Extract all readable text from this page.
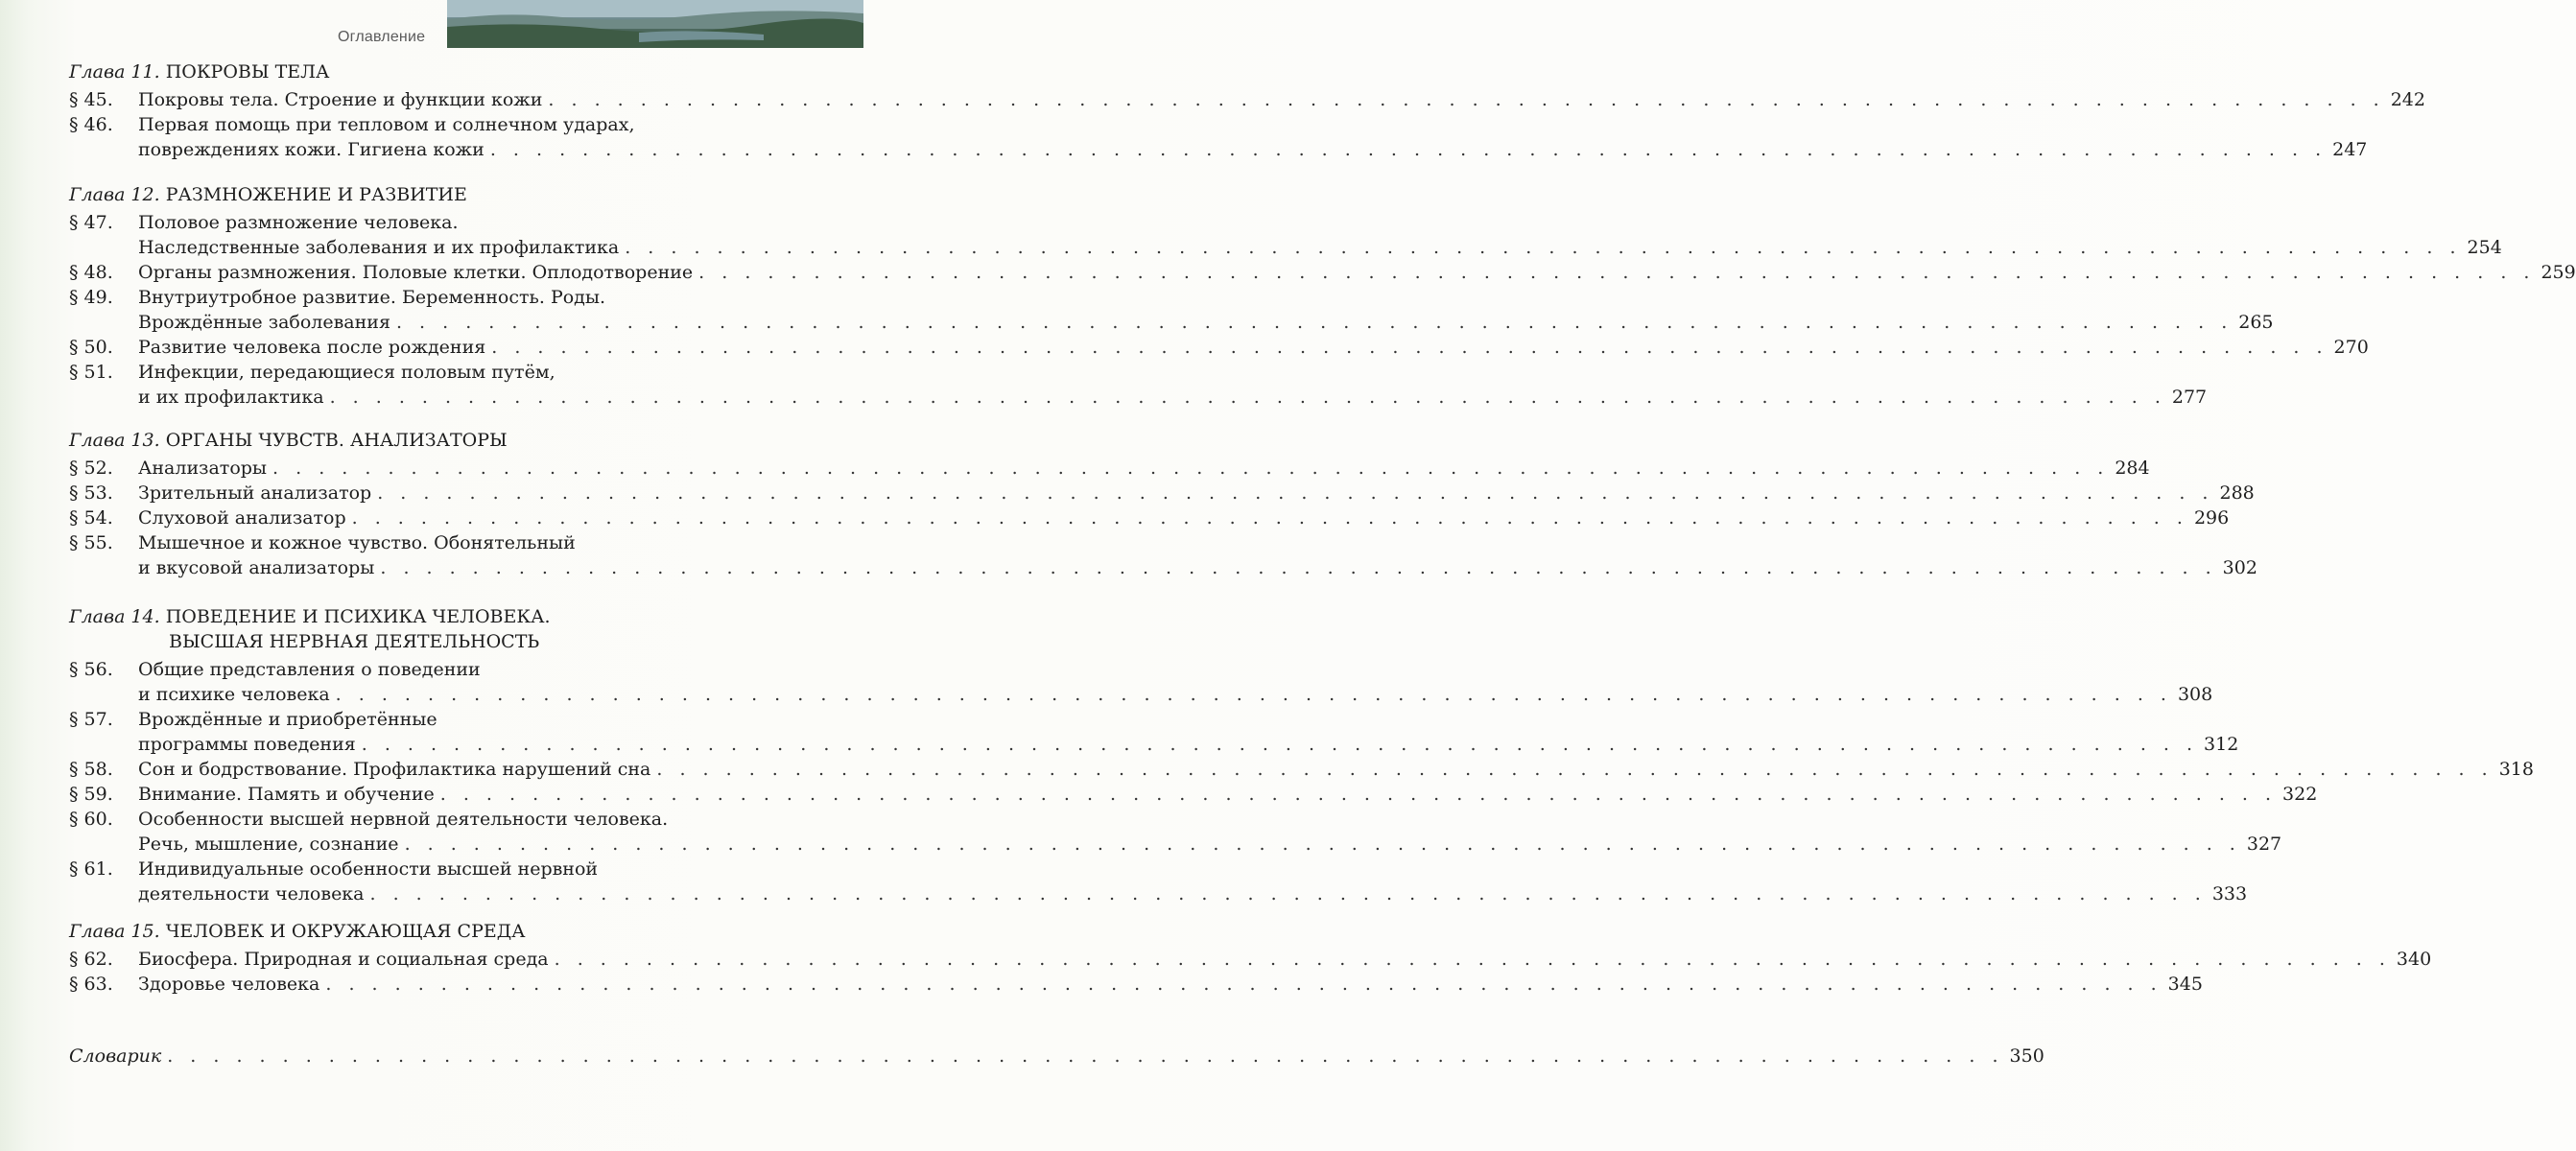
Оглавление
Глава 11. ПОКРОВЫ ТЕЛА
§ 45. Покровы тела. Строение и функции кожи . . . . . . . . . . . . . . . . . . . . . . . . . . . . . . . . . . . . . . . . . . . . . . . . . . . . . . . . . . . . . . . . . . . . . . . . . . . . . . . . 242
§ 46. Первая помощь при тепловом и солнечном ударах,
повреждениях кожи. Гигиена кожи . . . . . . . . . . . . . . . . . . . . . . . . . . . . . . . . . . . . . . . . . . . . . . . . . . . . . . . . . . . . . . . . . . . . . . . . . . . . . . . . 247
Глава 12. РАЗМНОЖЕНИЕ И РАЗВИТИЕ
§ 47. Половое размножение человека.
Наследственные заболевания и их профилактика . . . . . . . . . . . . . . . . . . . . . . . . . . . . . . . . . . . . . . . . . . . . . . . . . . . . . . . . . . . . . . . . . . . . . . . . . . . . . . . . 254
§ 48. Органы размножения. Половые клетки. Оплодотворение . . . . . . . . . . . . . . . . . . . . . . . . . . . . . . . . . . . . . . . . . . . . . . . . . . . . . . . . . . . . . . . . . . . . . . . . . . . . . . . . 259
§ 49. Внутриутробное развитие. Беременность. Роды.
Врождённые заболевания . . . . . . . . . . . . . . . . . . . . . . . . . . . . . . . . . . . . . . . . . . . . . . . . . . . . . . . . . . . . . . . . . . . . . . . . . . . . . . . . 265
§ 50. Развитие человека после рождения . . . . . . . . . . . . . . . . . . . . . . . . . . . . . . . . . . . . . . . . . . . . . . . . . . . . . . . . . . . . . . . . . . . . . . . . . . . . . . . . 270
§ 51. Инфекции, передающиеся половым путём,
и их профилактика . . . . . . . . . . . . . . . . . . . . . . . . . . . . . . . . . . . . . . . . . . . . . . . . . . . . . . . . . . . . . . . . . . . . . . . . . . . . . . . . 277
Глава 13. ОРГАНЫ ЧУВСТВ. АНАЛИЗАТОРЫ
§ 52. Анализаторы . . . . . . . . . . . . . . . . . . . . . . . . . . . . . . . . . . . . . . . . . . . . . . . . . . . . . . . . . . . . . . . . . . . . . . . . . . . . . . . . 284
§ 53. Зрительный анализатор . . . . . . . . . . . . . . . . . . . . . . . . . . . . . . . . . . . . . . . . . . . . . . . . . . . . . . . . . . . . . . . . . . . . . . . . . . . . . . . . 288
§ 54. Слуховой анализатор . . . . . . . . . . . . . . . . . . . . . . . . . . . . . . . . . . . . . . . . . . . . . . . . . . . . . . . . . . . . . . . . . . . . . . . . . . . . . . . . 296
§ 55. Мышечное и кожное чувство. Обонятельный
и вкусовой анализаторы . . . . . . . . . . . . . . . . . . . . . . . . . . . . . . . . . . . . . . . . . . . . . . . . . . . . . . . . . . . . . . . . . . . . . . . . . . . . . . . . 302
Глава 14. ПОВЕДЕНИЕ И ПСИХИКА ЧЕЛОВЕКА.
ВЫСШАЯ НЕРВНАЯ ДЕЯТЕЛЬНОСТЬ
§ 56. Общие представления о поведении
и психике человека . . . . . . . . . . . . . . . . . . . . . . . . . . . . . . . . . . . . . . . . . . . . . . . . . . . . . . . . . . . . . . . . . . . . . . . . . . . . . . . . 308
§ 57. Врождённые и приобретённые
программы поведения . . . . . . . . . . . . . . . . . . . . . . . . . . . . . . . . . . . . . . . . . . . . . . . . . . . . . . . . . . . . . . . . . . . . . . . . . . . . . . . . 312
§ 58. Сон и бодрствование. Профилактика нарушений сна . . . . . . . . . . . . . . . . . . . . . . . . . . . . . . . . . . . . . . . . . . . . . . . . . . . . . . . . . . . . . . . . . . . . . . . . . . . . . . . . 318
§ 59. Внимание. Память и обучение . . . . . . . . . . . . . . . . . . . . . . . . . . . . . . . . . . . . . . . . . . . . . . . . . . . . . . . . . . . . . . . . . . . . . . . . . . . . . . . . 322
§ 60. Особенности высшей нервной деятельности человека.
Речь, мышление, сознание . . . . . . . . . . . . . . . . . . . . . . . . . . . . . . . . . . . . . . . . . . . . . . . . . . . . . . . . . . . . . . . . . . . . . . . . . . . . . . . . 327
§ 61. Индивидуальные особенности высшей нервной
деятельности человека . . . . . . . . . . . . . . . . . . . . . . . . . . . . . . . . . . . . . . . . . . . . . . . . . . . . . . . . . . . . . . . . . . . . . . . . . . . . . . . . 333
Глава 15. ЧЕЛОВЕК И ОКРУЖАЮЩАЯ СРЕДА
§ 62. Биосфера. Природная и социальная среда . . . . . . . . . . . . . . . . . . . . . . . . . . . . . . . . . . . . . . . . . . . . . . . . . . . . . . . . . . . . . . . . . . . . . . . . . . . . . . . . 340
§ 63. Здоровье человека . . . . . . . . . . . . . . . . . . . . . . . . . . . . . . . . . . . . . . . . . . . . . . . . . . . . . . . . . . . . . . . . . . . . . . . . . . . . . . . . 345
Словарик . . . . . . . . . . . . . . . . . . . . . . . . . . . . . . . . . . . . . . . . . . . . . . . . . . . . . . . . . . . . . . . . . . . . . . . . . . . . . . . . 350
